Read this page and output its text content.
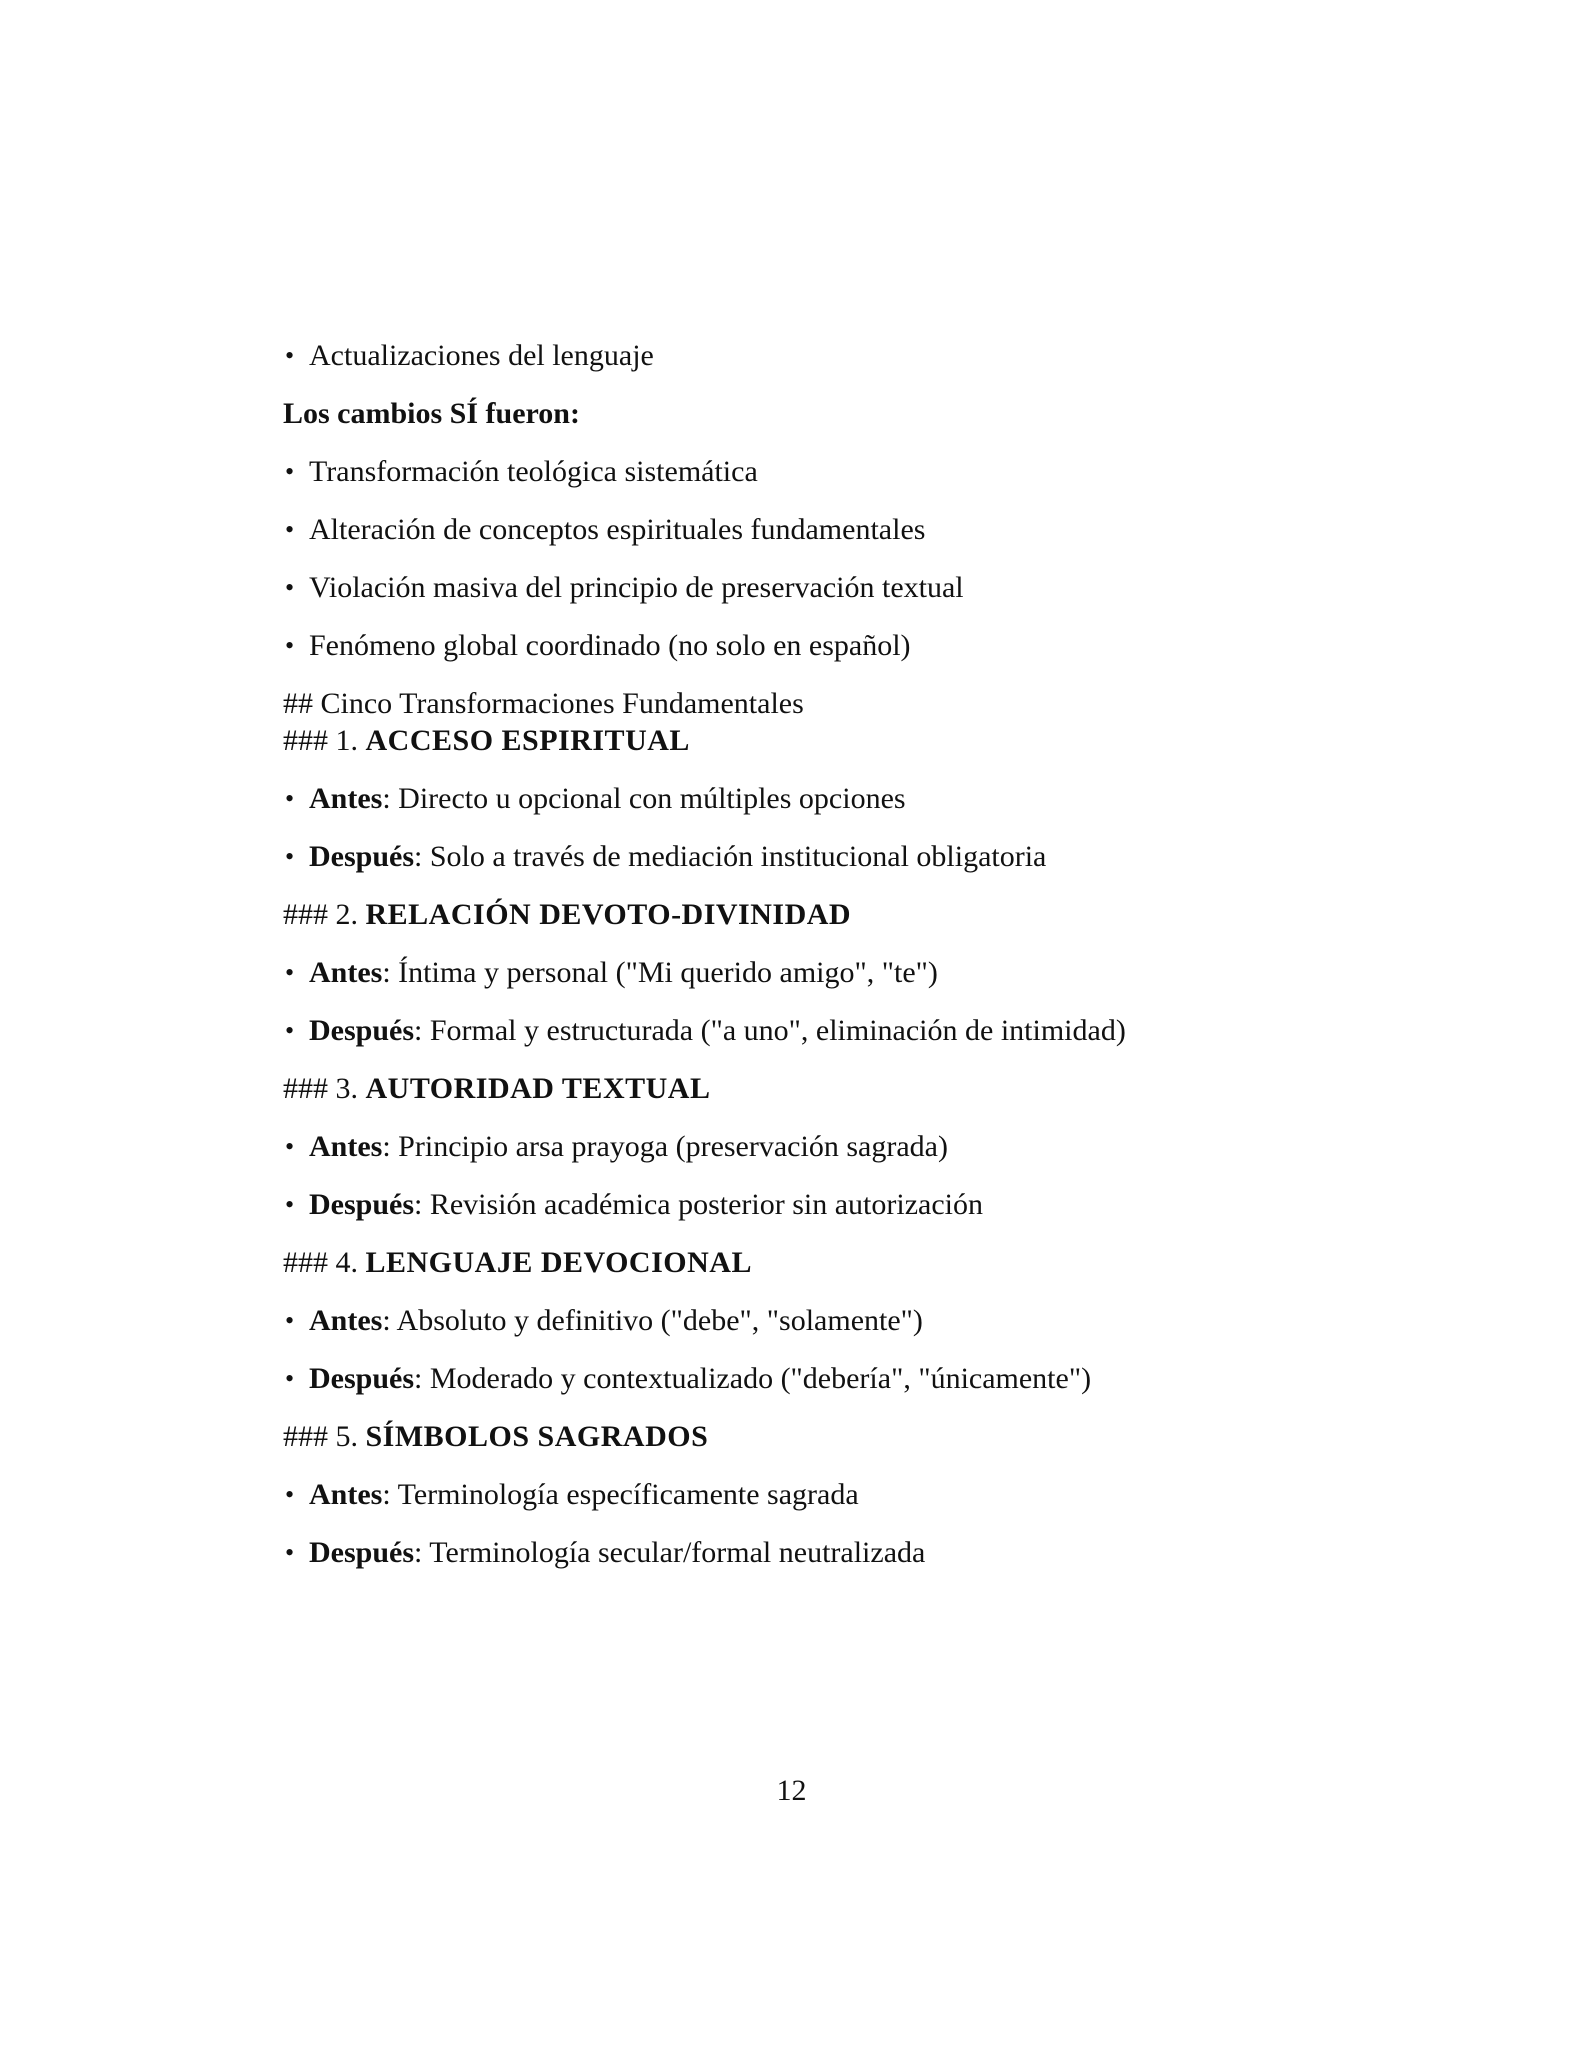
• Actualizaciones del lenguaje
Los cambios SÍ fueron:
• Transformación teológica sistemática
• Alteración de conceptos espirituales fundamentales
• Violación masiva del principio de preservación textual
• Fenómeno global coordinado (no solo en español)
## Cinco Transformaciones Fundamentales
### 1. ACCESO ESPIRITUAL
• Antes: Directo u opcional con múltiples opciones
• Después: Solo a través de mediación institucional obligatoria
### 2. RELACIÓN DEVOTO-DIVINIDAD
• Antes: Íntima y personal ("Mi querido amigo", "te")
• Después: Formal y estructurada ("a uno", eliminación de intimidad)
### 3. AUTORIDAD TEXTUAL
• Antes: Principio arsa prayoga (preservación sagrada)
• Después: Revisión académica posterior sin autorización
### 4. LENGUAJE DEVOCIONAL
• Antes: Absoluto y definitivo ("debe", "solamente")
• Después: Moderado y contextualizado ("debería", "únicamente")
### 5. SÍMBOLOS SAGRADOS
• Antes: Terminología específicamente sagrada
• Después: Terminología secular/formal neutralizada
12
